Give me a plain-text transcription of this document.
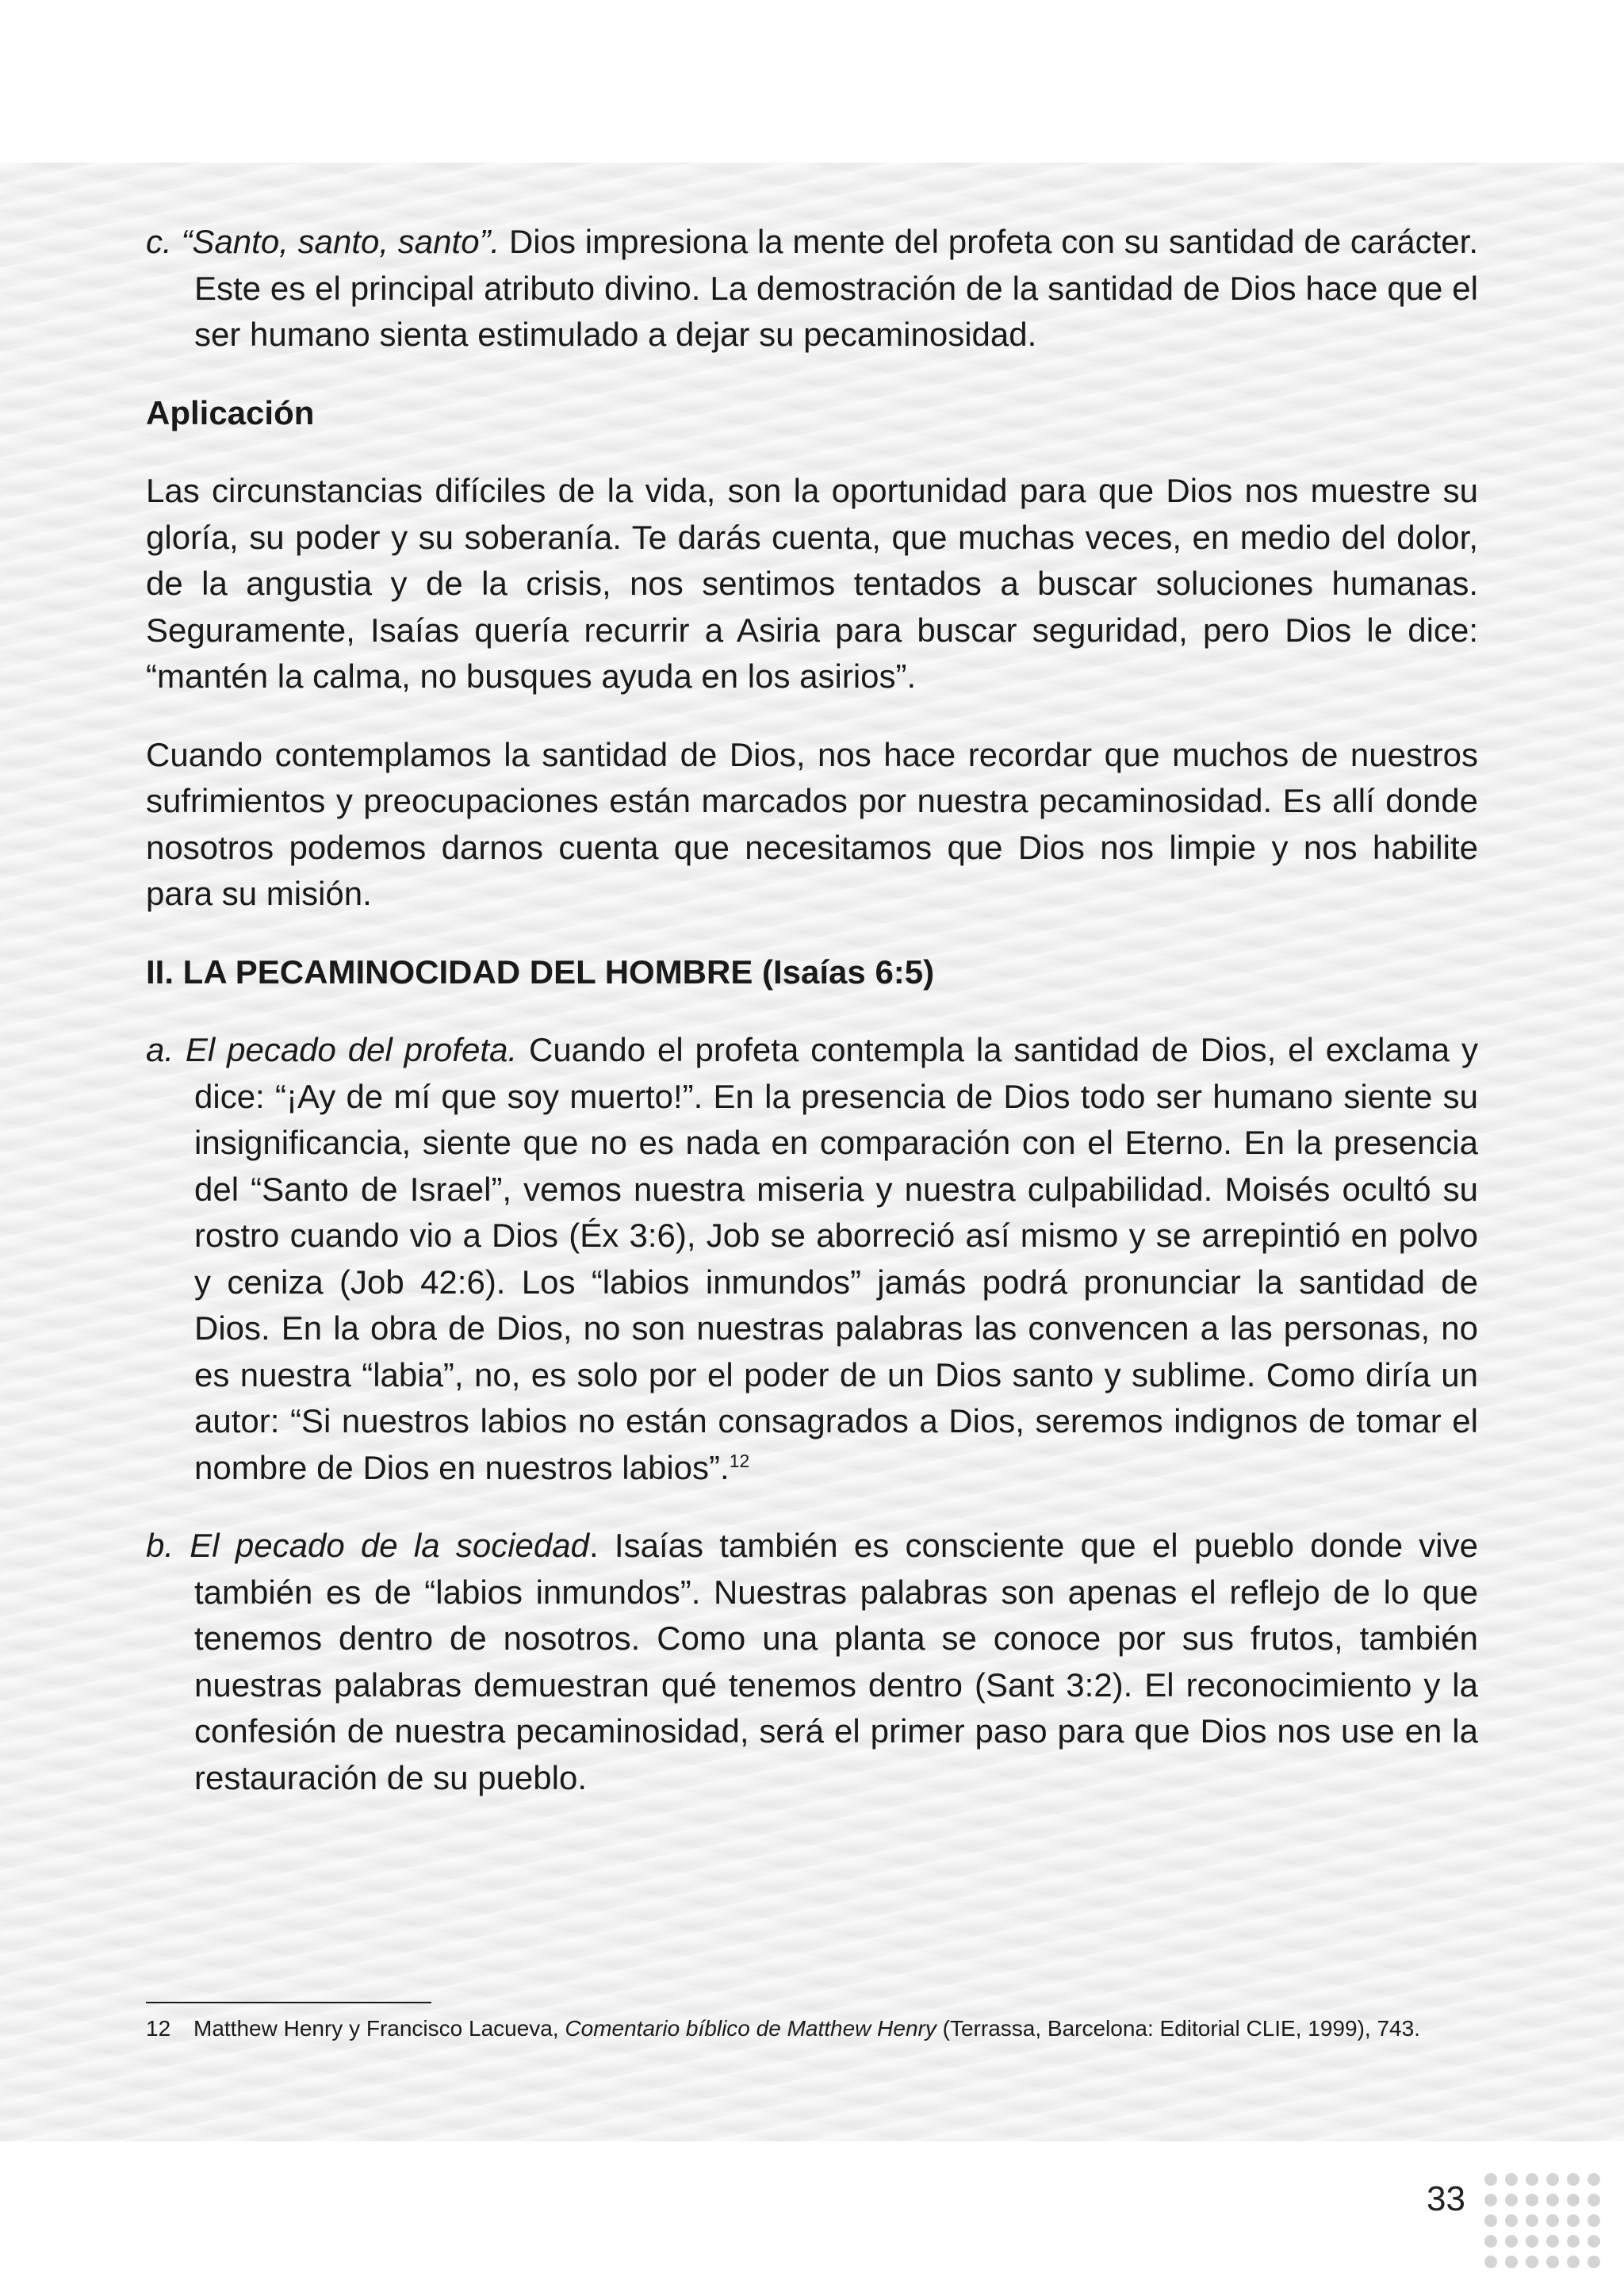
c. “Santo, santo, santo”. Dios impresiona la mente del profeta con su santidad de carácter. Este es el principal atributo divino. La demostración de la santidad de Dios hace que el ser humano sienta estimulado a dejar su pecaminosidad.

Aplicación

Las circunstancias difíciles de la vida, son la oportunidad para que Dios nos muestre su gloría, su poder y su soberanía. Te darás cuenta, que muchas veces, en medio del dolor, de la angustia y de la crisis, nos sentimos tentados a buscar soluciones humanas. Seguramente, Isaías quería recurrir a Asiria para buscar seguridad, pero Dios le dice: “mantén la calma, no busques ayuda en los asirios”.

Cuando contemplamos la santidad de Dios, nos hace recordar que muchos de nuestros sufrimientos y preocupaciones están marcados por nuestra pecaminosidad. Es allí donde nosotros podemos darnos cuenta que necesitamos que Dios nos limpie y nos habilite para su misión.

II. LA PECAMINOCIDAD DEL HOMBRE (Isaías 6:5)

a. El pecado del profeta. Cuando el profeta contempla la santidad de Dios, el exclama y dice: “¡Ay de mí que soy muerto!”. En la presencia de Dios todo ser humano siente su insignificancia, siente que no es nada en comparación con el Eterno. En la presencia del “Santo de Israel”, vemos nuestra miseria y nuestra culpabilidad. Moisés ocultó su rostro cuando vio a Dios (Éx 3:6), Job se aborreció así mismo y se arrepintió en polvo y ceniza (Job 42:6). Los “labios inmundos” jamás podrá pronunciar la santidad de Dios. En la obra de Dios, no son nuestras palabras las convencen a las personas, no es nuestra “labia”, no, es solo por el poder de un Dios santo y sublime. Como diría un autor: “Si nuestros labios no están consagrados a Dios, seremos indignos de tomar el nombre de Dios en nuestros labios”.$^{12}$

b. El pecado de la sociedad. Isaías también es consciente que el pueblo donde vive también es de “labios inmundos”. Nuestras palabras son apenas el reflejo de lo que tenemos dentro de nosotros. Como una planta se conoce por sus frutos, también nuestras palabras demuestran qué tenemos dentro (Sant 3:2). El reconocimiento y la confesión de nuestra pecaminosidad, será el primer paso para que Dios nos use en la restauración de su pueblo.

12 Matthew Henry y Francisco Lacueva, Comentario bíblico de Matthew Henry (Terrassa, Barcelona: Editorial CLIE, 1999), 743.

33
